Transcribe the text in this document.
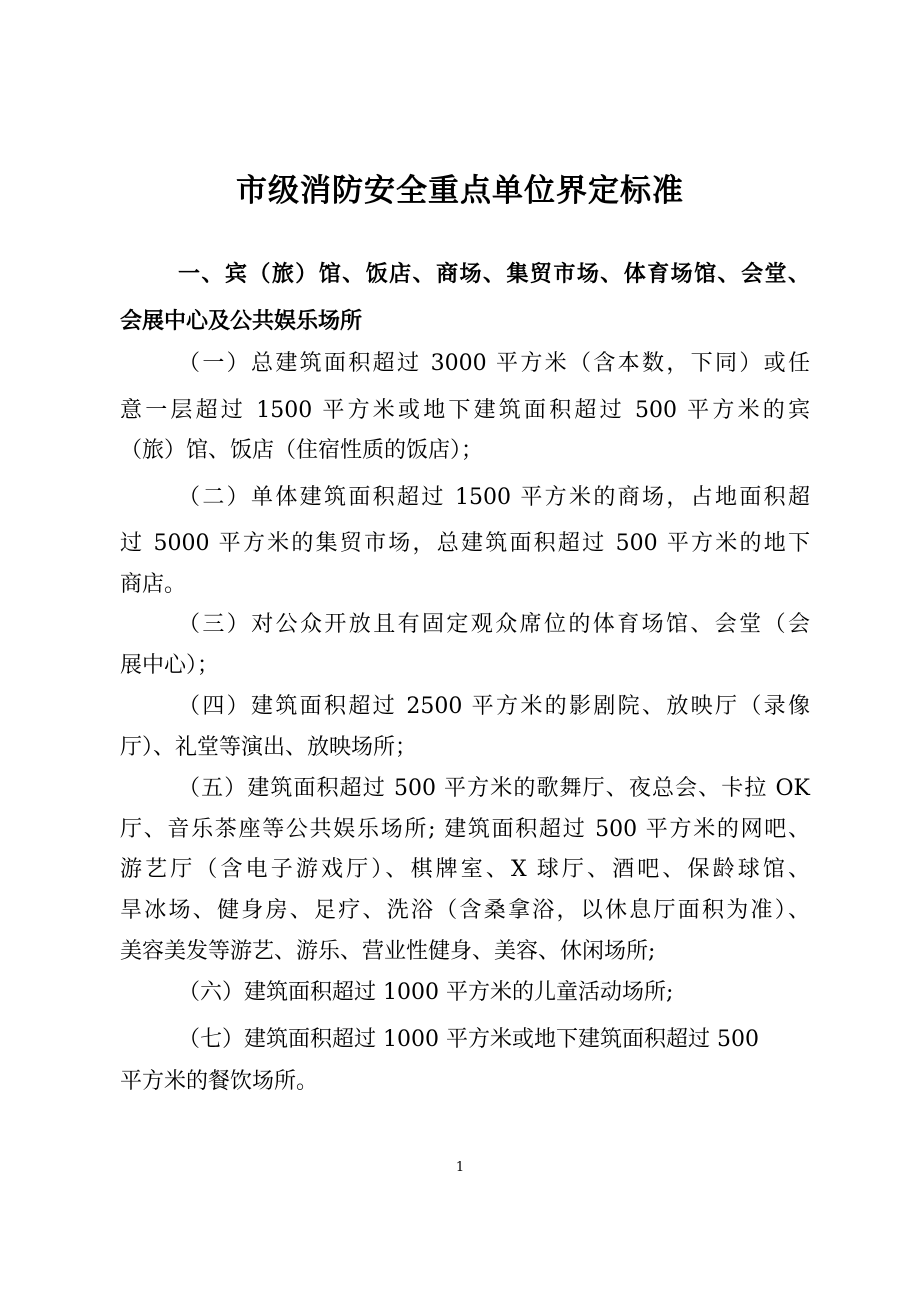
市级消防安全重点单位界定标准
一、宾（旅）馆、饭店、商场、集贸市场、体育场馆、会堂、
会展中心及公共娱乐场所
（一）总建筑面积超过 3000 平方米（含本数，下同）或任
意一层超过 1500 平方米或地下建筑面积超过 500 平方米的宾
（旅）馆、饭店（住宿性质的饭店）；
（二）单体建筑面积超过 1500 平方米的商场，占地面积超
过 5000 平方米的集贸市场，总建筑面积超过 500 平方米的地下
商店。
（三）对公众开放且有固定观众席位的体育场馆、会堂（会
展中心）；
（四）建筑面积超过 2500 平方米的影剧院、放映厅（录像
厅）、礼堂等演出、放映场所；
（五）建筑面积超过 500 平方米的歌舞厅、夜总会、卡拉 OK
厅、音乐茶座等公共娱乐场所; 建筑面积超过 500 平方米的网吧、
游艺厅（含电子游戏厅）、棋牌室、X 球厅、酒吧、保龄球馆、
旱冰场、健身房、足疗、洗浴（含桑拿浴，以休息厅面积为准）、
美容美发等游艺、游乐、营业性健身、美容、休闲场所;
（六）建筑面积超过 1000 平方米的儿童活动场所;
（七）建筑面积超过 1000 平方米或地下建筑面积超过 500
平方米的餐饮场所。
1
